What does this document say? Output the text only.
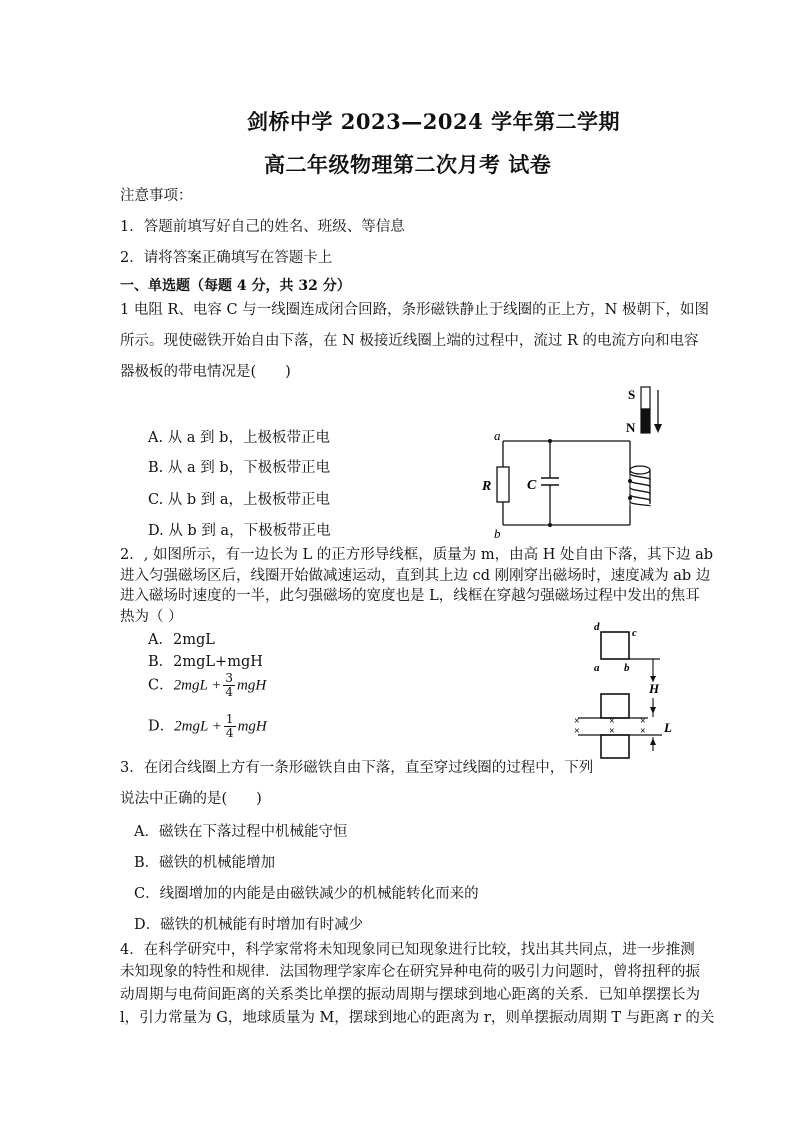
剑桥中学 2023—2024 学年第二学期
高二年级物理第二次月考 试卷
注意事项：
1．答题前填写好自己的姓名、班级、等信息
2．请将答案正确填写在答题卡上
一、单选题（每题 4 分，共 32 分）
1 电阻 R、电容 C 与一线圈连成闭合回路，条形磁铁静止于线圈的正上方，N 极朝下，如图
所示。现使磁铁开始自由下落，在 N 极接近线圈上端的过程中，流过 R 的电流方向和电容
器极板的带电情况是(　　)
A. 从 a 到 b，上极板带正电
B. 从 a 到 b，下极板带正电
C. 从 b 到 a，上极板带正电
D. 从 b 到 a，下极板带正电
a
b
R	C
S
N
2．, 如图所示，有一边长为 L 的正方形导线框，质量为 m，由高 H 处自由下落，其下边 ab
进入匀强磁场区后，线圈开始做减速运动，直到其上边 cd 刚刚穿出磁场时，速度减为 ab 边
进入磁场时速度的一半，此匀强磁场的宽度也是 L，线框在穿越匀强磁场过程中发出的焦耳
热为（ ）
A．2mgL
B．2mgL+mgH
C．$2mgL + \frac{3}{4}$ mgH
D．$2mgL + \frac{1}{4}$ mgH	×
×
×
×
×
×
d	c
a b
H
L
3．在闭合线圈上方有一条形磁铁自由下落，直至穿过线圈的过程中，下列
说法中正确的是(　　)
A．磁铁在下落过程中机械能守恒
B．磁铁的机械能增加
C．线圈增加的内能是由磁铁减少的机械能转化而来的
D．磁铁的机械能有时增加有时减少
4．在科学研究中，科学家常将未知现象同已知现象进行比较，找出其共同点，进一步推测
未知现象的特性和规律．法国物理学家库仑在研究异种电荷的吸引力问题时，曾将扭秤的振
动周期与电荷间距离的关系类比单摆的振动周期与摆球到地心距离的关系．已知单摆摆长为
l，引力常量为 G，地球质量为 M，摆球到地心的距离为 r，则单摆振动周期 T 与距离 r 的关
